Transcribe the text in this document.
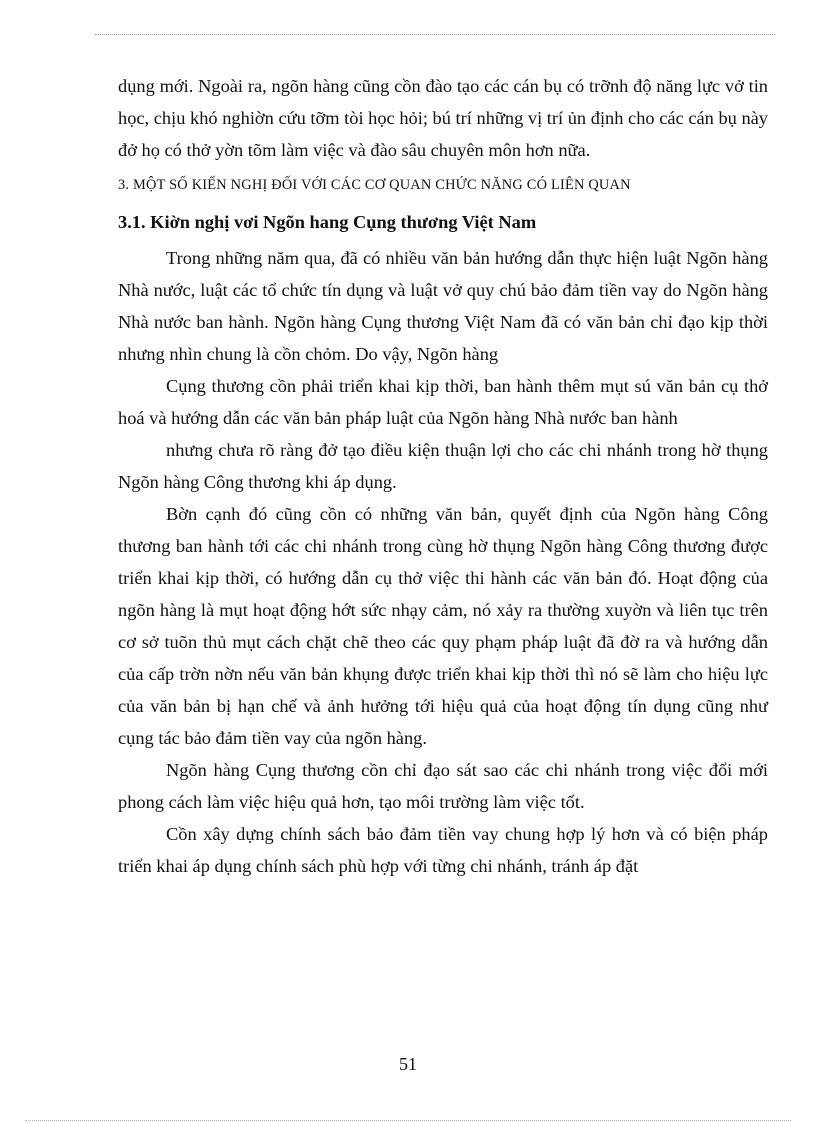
dụng mới. Ngoài ra, ngõn hàng cũng cồn đào tạo các cán bụ có trỡnh độ năng lực vở tin học, chịu khó nghiờn cứu tỡm tòi học hỏi; bú trí những vị trí ủn định cho các cán bụ này đở họ có thở yờn tõm làm việc và đào sâu chuyên môn hơn nữa.

3. MỘT SỐ KIẾN NGHỊ ĐỐI VỚI CÁC CƠ QUAN CHỨC NĂNG CÓ LIÊN QUAN

3.1. Kiờn nghị vơi Ngõn hang Cụng thương Việt Nam

Trong những năm qua, đã có nhiều văn bản hướng dẫn thực hiện luật Ngõn hàng Nhà nước, luật các tổ chức tín dụng và luật vở quy chú bảo đảm tiền vay do Ngõn hàng Nhà nước ban hành. Ngõn hàng Cụng thương Việt Nam đã có văn bản chỉ đạo kịp thời nhưng nhìn chung là cồn chỏm. Do vậy, Ngõn hàng

Cụng thương cồn phải triển khai kịp thời, ban hành thêm mụt sú văn bản cụ thở hoá và hướng dẫn các văn bản pháp luật của Ngõn hàng Nhà nước ban hành

nhưng chưa rõ ràng đở tạo điều kiện thuận lợi cho các chi nhánh trong hờ thụng Ngõn hàng Công thương khi áp dụng.

Bờn cạnh đó cũng cồn có những văn bản, quyết định của Ngõn hàng Công thương ban hành tới các chi nhánh trong cùng hờ thụng Ngõn hàng Công thương được triển khai kịp thời, có hướng dẫn cụ thở việc thi hành các văn bản đó. Hoạt động của ngõn hàng là mụt hoạt động hớt sức nhạy cảm, nó xảy ra thường xuyờn và liên tục trên cơ sở tuõn thủ mụt cách chặt chẽ theo các quy phạm pháp luật đã đờ ra và hướng dẫn của cấp trờn nờn nếu văn bản khụng được triển khai kịp thời thì nó sẽ làm cho hiệu lực của văn bản bị hạn chế và ảnh hưởng tới hiệu quả của hoạt động tín dụng cũng như cụng tác bảo đảm tiền vay của ngõn hàng.

Ngõn hàng Cụng thương cồn chỉ đạo sát sao các chi nhánh trong việc đổi mới phong cách làm việc hiệu quả hơn, tạo môi trường làm việc tốt.

Cồn xây dựng chính sách bảo đảm tiền vay chung hợp lý hơn và có biện pháp triển khai áp dụng chính sách phù hợp với từng chi nhánh, tránh áp đặt

51
